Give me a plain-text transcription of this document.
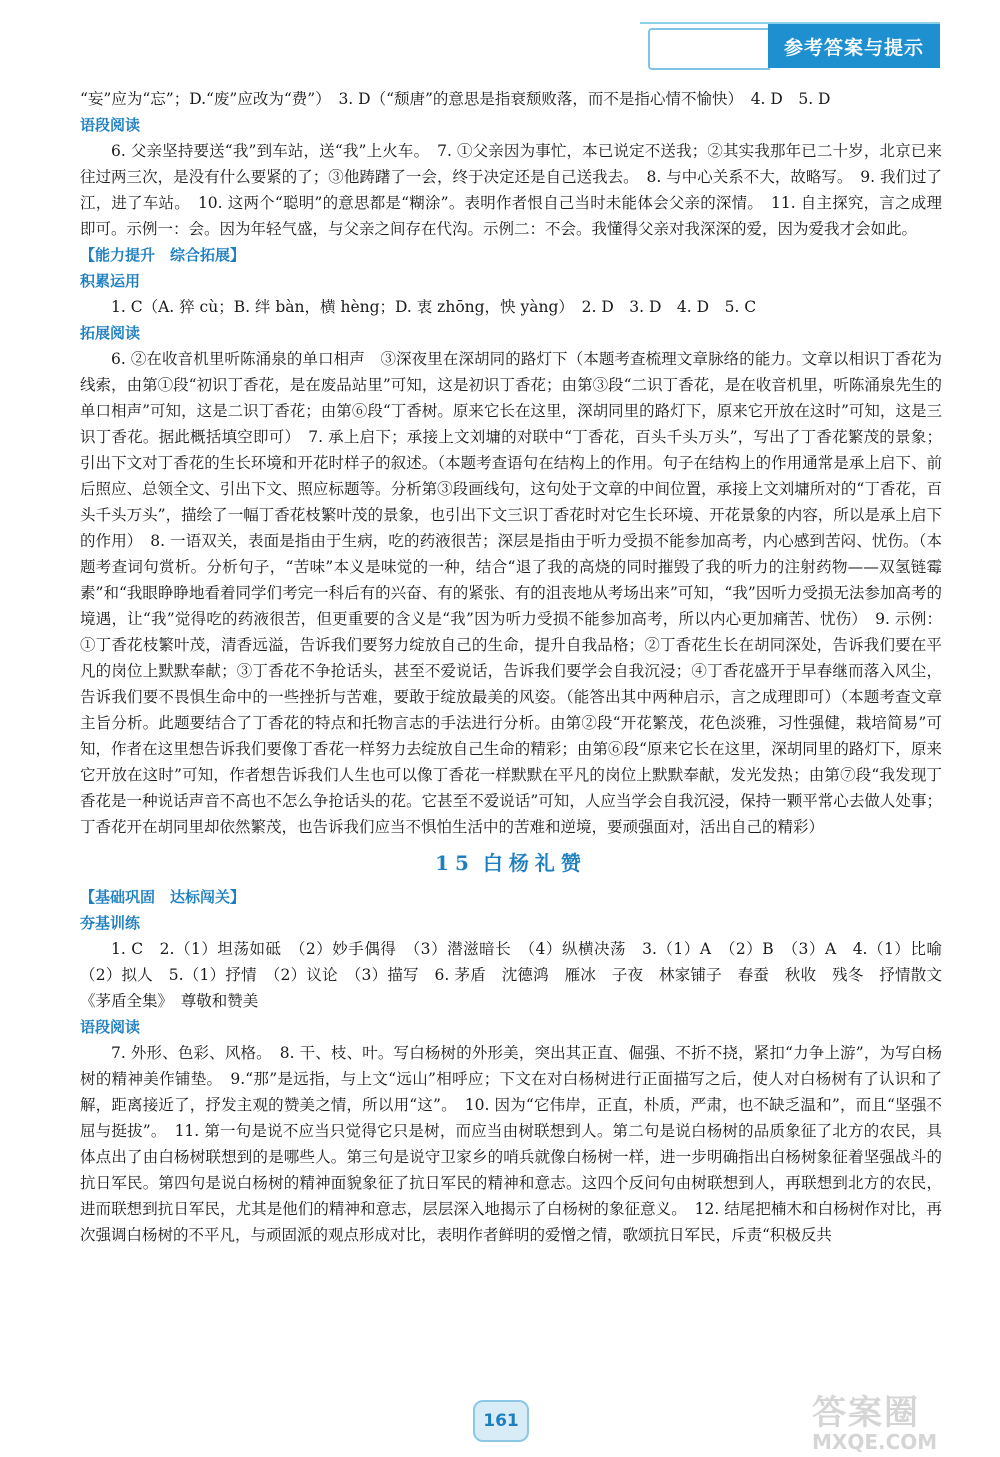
参考答案与提示

“妄”应为“忘”；D.“废”应改为“费”）　3. D（“颓唐”的意思是指衰颓败落，而不是指心情不愉快）　4. D　5. D

语段阅读

6. 父亲坚持要送“我”到车站，送“我”上火车。　7. ①父亲因为事忙，本已说定不送我；②其实我那年已二十岁，北京已来往过两三次，是没有什么要紧的了；③他踌躇了一会，终于决定还是自己送我去。　8. 与中心关系不大，故略写。　9. 我们过了江，进了车站。　10. 这两个“聪明”的意思都是“糊涂”。表明作者恨自己当时未能体会父亲的深情。　11. 自主探究，言之成理即可。示例一：会。因为年轻气盛，与父亲之间存在代沟。示例二：不会。我懂得父亲对我深深的爱，因为爱我才会如此。

【能力提升　综合拓展】
积累运用

1. C（A. 猝 cù；B. 绊 bàn，横 hèng；D. 衷 zhōng，怏 yàng）　2. D　3. D　4. D　5. C

拓展阅读

6. ②在收音机里听陈涌泉的单口相声　③深夜里在深胡同的路灯下（本题考查梳理文章脉络的能力。文章以相识丁香花为线索，由第①段“初识丁香花，是在废品站里”可知，这是初识丁香花；由第③段“二识丁香花，是在收音机里，听陈涌泉先生的单口相声”可知，这是二识丁香花；由第⑥段“丁香树。原来它长在这里，深胡同里的路灯下，原来它开放在这时”可知，这是三识丁香花。据此概括填空即可）　7. 承上启下；承接上文刘墉的对联中“丁香花，百头千头万头”，写出了丁香花繁茂的景象；引出下文对丁香花的生长环境和开花时样子的叙述。（本题考查语句在结构上的作用。句子在结构上的作用通常是承上启下、前后照应、总领全文、引出下文、照应标题等。分析第③段画线句，这句处于文章的中间位置，承接上文刘墉所对的“丁香花，百头千头万头”，描绘了一幅丁香花枝繁叶茂的景象，也引出下文三识丁香花时对它生长环境、开花景象的内容，所以是承上启下的作用）　8. 一语双关，表面是指由于生病，吃的药液很苦；深层是指由于听力受损不能参加高考，内心感到苦闷、忧伤。（本题考查词句赏析。分析句子，“苦味”本义是味觉的一种，结合“退了我的高烧的同时摧毁了我的听力的注射药物——双氢链霉素”和“我眼睁睁地看着同学们考完一科后有的兴奋、有的紧张、有的沮丧地从考场出来”可知，“我”因听力受损无法参加高考的境遇，让“我”觉得吃的药液很苦，但更重要的含义是“我”因为听力受损不能参加高考，所以内心更加痛苦、忧伤）　9. 示例：①丁香花枝繁叶茂，清香远溢，告诉我们要努力绽放自己的生命，提升自我品格；②丁香花生长在胡同深处，告诉我们要在平凡的岗位上默默奉献；③丁香花不争抢话头，甚至不爱说话，告诉我们要学会自我沉浸；④丁香花盛开于早春继而落入风尘，告诉我们要不畏惧生命中的一些挫折与苦难，要敢于绽放最美的风姿。（能答出其中两种启示，言之成理即可）（本题考查文章主旨分析。此题要结合了丁香花的特点和托物言志的手法进行分析。由第②段“开花繁茂，花色淡雅，习性强健，栽培简易”可知，作者在这里想告诉我们要像丁香花一样努力去绽放自己生命的精彩；由第⑥段“原来它长在这里，深胡同里的路灯下，原来它开放在这时”可知，作者想告诉我们人生也可以像丁香花一样默默在平凡的岗位上默默奉献，发光发热；由第⑦段“我发现丁香花是一种说话声音不高也不怎么争抢话头的花。它甚至不爱说话”可知，人应当学会自我沉浸，保持一颗平常心去做人处事；丁香花开在胡同里却依然繁茂，也告诉我们应当不惧怕生活中的苦难和逆境，要顽强面对，活出自己的精彩）

15 白杨礼赞
【基础巩固　达标闯关】
夯基训练

1. C　2.（1）坦荡如砥　（2）妙手偶得　（3）潜滋暗长　（4）纵横决荡　3.（1）A　（2）B　（3）A　4.（1）比喻　（2）拟人　5.（1）抒情　（2）议论　（3）描写　6. 茅盾　沈德鸿　雁冰　子夜　林家铺子　春蚕　秋收　残冬　抒情散文　《茅盾全集》　尊敬和赞美

语段阅读

7. 外形、色彩、风格。　8. 干、枝、叶。写白杨树的外形美，突出其正直、倔强、不折不挠，紧扣“力争上游”，为写白杨树的精神美作铺垫。　9.“那”是远指，与上文“远山”相呼应；下文在对白杨树进行正面描写之后，使人对白杨树有了认识和了解，距离接近了，抒发主观的赞美之情，所以用“这”。　10. 因为“它伟岸，正直，朴质，严肃，也不缺乏温和”，而且“坚强不屈与挺拔”。　11. 第一句是说不应当只觉得它只是树，而应当由树联想到人。第二句是说白杨树的品质象征了北方的农民，具体点出了由白杨树联想到的是哪些人。第三句是说守卫家乡的哨兵就像白杨树一样，进一步明确指出白杨树象征着坚强战斗的抗日军民。第四句是说白杨树的精神面貌象征了抗日军民的精神和意志。这四个反问句由树联想到人，再联想到北方的农民，进而联想到抗日军民，尤其是他们的精神和意志，层层深入地揭示了白杨树的象征意义。　12. 结尾把楠木和白杨树作对比，再次强调白杨树的不平凡，与顽固派的观点形成对比，表明作者鲜明的爱憎之情，歌颂抗日军民，斥责“积极反共

161	答案圈
MXQE.COM
